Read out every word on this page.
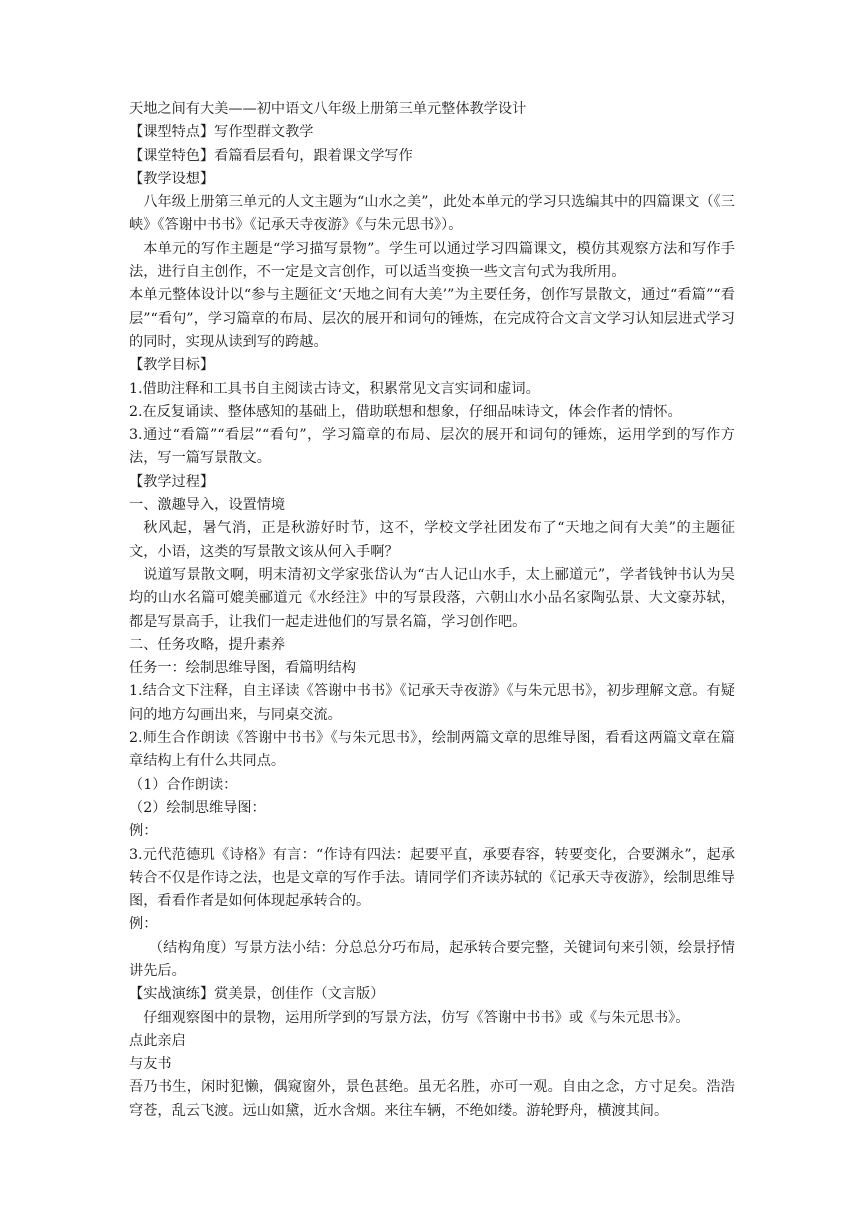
天地之间有大美——初中语文八年级上册第三单元整体教学设计

【课型特点】写作型群文教学

【课堂特色】看篇看层看句，跟着课文学写作

【教学设想】

八年级上册第三单元的人文主题为“山水之美”，此处本单元的学习只选编其中的四篇课文（《三峡》《答谢中书书》《记承天寺夜游》《与朱元思书》）。

本单元的写作主题是“学习描写景物”。学生可以通过学习四篇课文，模仿其观察方法和写作手法，进行自主创作，不一定是文言创作，可以适当变换一些文言句式为我所用。

本单元整体设计以“参与主题征文‘天地之间有大美’”为主要任务，创作写景散文，通过“看篇”“看层”“看句”，学习篇章的布局、层次的展开和词句的锤炼，在完成符合文言文学习认知层进式学习的同时，实现从读到写的跨越。

【教学目标】

1.借助注释和工具书自主阅读古诗文，积累常见文言实词和虚词。

2.在反复诵读、整体感知的基础上，借助联想和想象，仔细品味诗文，体会作者的情怀。

3.通过“看篇”“看层”“看句”，学习篇章的布局、层次的展开和词句的锤炼，运用学到的写作方法，写一篇写景散文。

【教学过程】

一、激趣导入，设置情境

秋风起，暑气消，正是秋游好时节，这不，学校文学社团发布了“天地之间有大美”的主题征文，小语，这类的写景散文该从何入手啊？

说道写景散文啊，明末清初文学家张岱认为“古人记山水手，太上郦道元”，学者钱钟书认为吴均的山水名篇可媲美郦道元《水经注》中的写景段落，六朝山水小品名家陶弘景、大文豪苏轼，都是写景高手，让我们一起走进他们的写景名篇，学习创作吧。

二、任务攻略，提升素养

任务一：绘制思维导图，看篇明结构

1.结合文下注释，自主译读《答谢中书书》《记承天寺夜游》《与朱元思书》，初步理解文意。有疑问的地方勾画出来，与同桌交流。

2.师生合作朗读《答谢中书书》《与朱元思书》，绘制两篇文章的思维导图，看看这两篇文章在篇章结构上有什么共同点。

（1）合作朗读：

（2）绘制思维导图：

例：

3.元代范德玑《诗格》有言：“作诗有四法：起要平直，承要春容，转要变化，合要渊永”，起承转合不仅是作诗之法，也是文章的写作手法。请同学们齐读苏轼的《记承天寺夜游》，绘制思维导图，看看作者是如何体现起承转合的。

例：

（结构角度）写景方法小结：分总总分巧布局，起承转合要完整，关键词句来引领，绘景抒情讲先后。

【实战演练】赏美景，创佳作（文言版）

仔细观察图中的景物，运用所学到的写景方法，仿写《答谢中书书》或《与朱元思书》。

点此亲启

与友书

吾乃书生，闲时犯懒，偶窥窗外，景色甚绝。虽无名胜，亦可一观。自由之念，方寸足矣。浩浩穹苍，乱云飞渡。远山如黛，近水含烟。来往车辆，不绝如缕。游轮野舟，横渡其间。
